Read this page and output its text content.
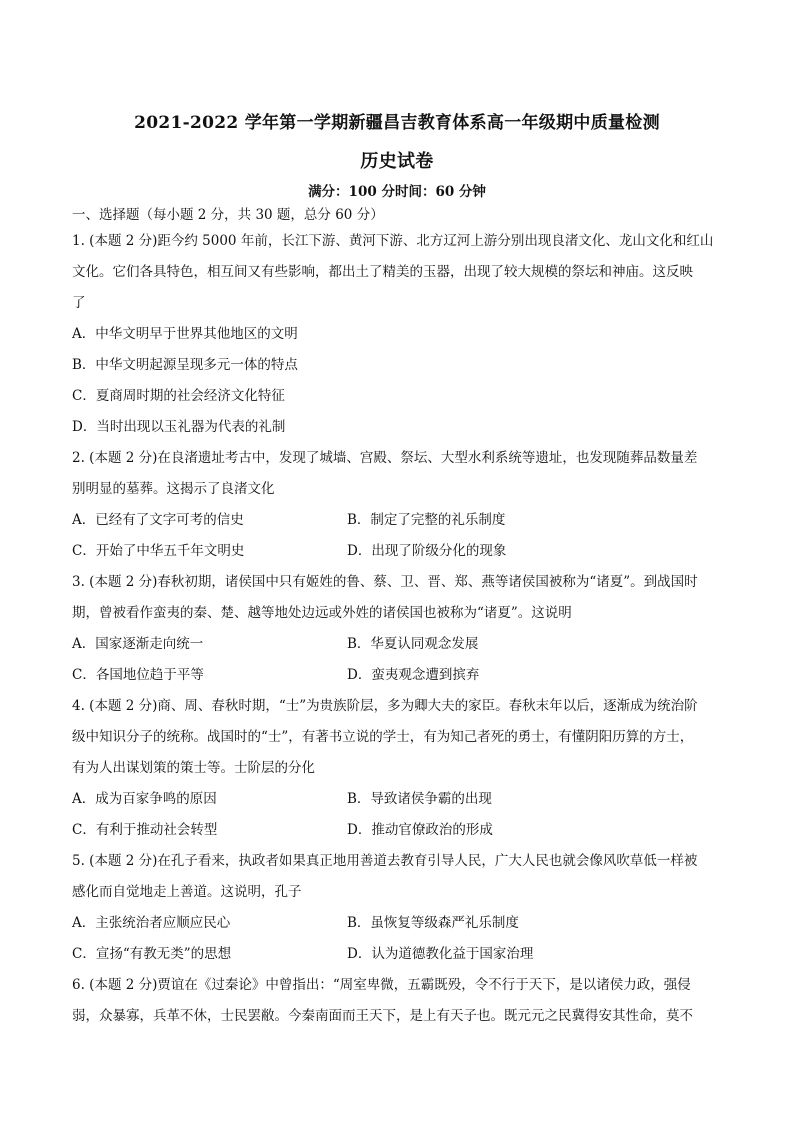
2021-2022 学年第一学期新疆昌吉教育体系高一年级期中质量检测
历史试卷
满分：100 分时间：60 分钟
一、选择题（每小题 2 分，共 30 题，总分 60 分）
1. (本题 2 分)距今约 5000 年前，长江下游、黄河下游、北方辽河上游分别出现良渚文化、龙山文化和红山
文化。它们各具特色，相互间又有些影响，都出土了精美的玉器，出现了较大规模的祭坛和神庙。这反映
了
A．中华文明早于世界其他地区的文明
B．中华文明起源呈现多元一体的特点
C．夏商周时期的社会经济文化特征
D．当时出现以玉礼器为代表的礼制
2. (本题 2 分)在良渚遗址考古中，发现了城墙、宫殿、祭坛、大型水利系统等遗址，也发现随葬品数量差
别明显的墓葬。这揭示了良渚文化
A．已经有了文字可考的信史	B．制定了完整的礼乐制度
C．开始了中华五千年文明史	D．出现了阶级分化的现象
3. (本题 2 分)春秋初期，诸侯国中只有姬姓的鲁、蔡、卫、晋、郑、燕等诸侯国被称为“诸夏”。到战国时
期，曾被看作蛮夷的秦、楚、越等地处边远或外姓的诸侯国也被称为“诸夏”。这说明
A．国家逐渐走向统一	B．华夏认同观念发展
C．各国地位趋于平等	D．蛮夷观念遭到摈弃
4. (本题 2 分)商、周、春秋时期，“士”为贵族阶层，多为卿大夫的家臣。春秋末年以后，逐渐成为统治阶
级中知识分子的统称。战国时的“士”，有著书立说的学士，有为知己者死的勇士，有懂阴阳历算的方士，
有为人出谋划策的策士等。士阶层的分化
A．成为百家争鸣的原因	B．导致诸侯争霸的出现
C．有利于推动社会转型	D．推动官僚政治的形成
5. (本题 2 分)在孔子看来，执政者如果真正地用善道去教育引导人民，广大人民也就会像风吹草低一样被
感化而自觉地走上善道。这说明，孔子
A．主张统治者应顺应民心	B．虽恢复等级森严礼乐制度
C．宣扬“有教无类”的思想	D．认为道德教化益于国家治理
6. (本题 2 分)贾谊在《过秦论》中曾指出：“周室卑微，五霸既殁，令不行于天下，是以诸侯力政，强侵
弱，众暴寡，兵革不休，士民罢敝。今秦南面而王天下，是上有天子也。既元元之民冀得安其性命，莫不
